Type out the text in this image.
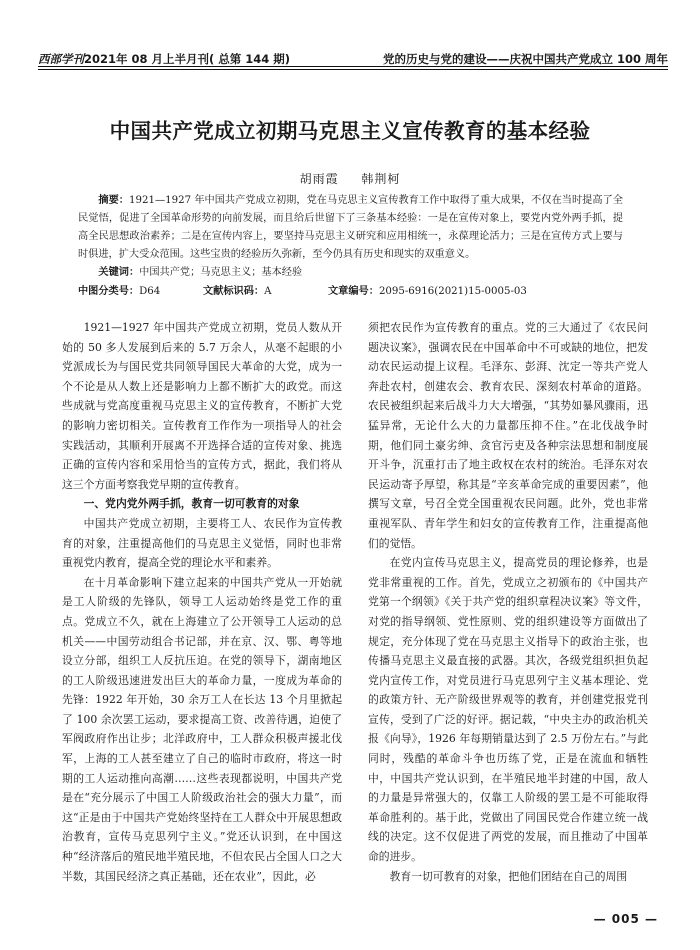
西部学刊2021年 08 月上半月刊( 总第 144 期)	党的历史与党的建设——庆祝中国共产党成立 100 周年
中国共产党成立初期马克思主义宣传教育的基本经验
胡雨霞 韩荆柯

摘要：1921—1927 年中国共产党成立初期，党在马克思主义宣传教育工作中取得了重大成果，不仅在当时提高了全民觉悟，促进了全国革命形势的向前发展，而且给后世留下了三条基本经验：一是在宣传对象上，要党内党外两手抓，提高全民思想政治素养；二是在宣传内容上，要坚持马克思主义研究和应用相统一，永葆理论活力；三是在宣传方式上要与时俱进，扩大受众范围。这些宝贵的经验历久弥新，至今仍具有历史和现实的双重意义。

关键词：中国共产党；马克思主义；基本经验

中图分类号：D64	文献标识码：A	文章编号：2095-6916(2021)15-0005-03

1921—1927 年中国共产党成立初期，党员人数从开始的 50 多人发展到后来的 5.7 万余人，从毫不起眼的小党派成长为与国民党共同领导国民大革命的大党，成为一个不论是从人数上还是影响力上都不断扩大的政党。而这些成就与党高度重视马克思主义的宣传教育，不断扩大党的影响力密切相关。宣传教育工作作为一项指导人的社会实践活动，其顺利开展离不开选择合适的宣传对象、挑选正确的宣传内容和采用恰当的宣传方式，据此，我们将从这三个方面考察我党早期的宣传教育。

一、党内党外两手抓，教育一切可教育的对象

中国共产党成立初期，主要将工人、农民作为宣传教育的对象，注重提高他们的马克思主义觉悟，同时也非常重视党内教育，提高全党的理论水平和素养。

在十月革命影响下建立起来的中国共产党从一开始就是工人阶级的先锋队，领导工人运动始终是党工作的重点。党成立不久，就在上海建立了公开领导工人运动的总机关——中国劳动组合书记部，并在京、汉、鄂、粤等地设立分部，组织工人反抗压迫。在党的领导下，湖南地区的工人阶级迅速进发出巨大的革命力量，一度成为革命的先锋：1922 年开始，30 余万工人在长达 13 个月里掀起了 100 余次罢工运动，要求提高工资、改善待遇，迫使了军阀政府作出让步；北洋政府中，工人群众积极声援北伐军，上海的工人甚至建立了自己的临时市政府，将这一时期的工人运动推向高潮……这些表现都说明，中国共产党是在“充分展示了中国工人阶级政治社会的强大力量”，而这“正是由于中国共产党始终坚持在工人群众中开展思想政治教育，宣传马克思列宁主义。”党还认识到，在中国这种“经济落后的殖民地半殖民地，不但农民占全国人口之大半数，其国民经济之真正基础，还在农业”，因此，必

须把农民作为宣传教育的重点。党的三大通过了《农民问题决议案》，强调农民在中国革命中不可或缺的地位，把发动农民运动提上议程。毛泽东、彭湃、沈定一等共产党人奔赴农村，创建农会、教育农民、深刻农村革命的道路。农民被组织起来后战斗力大大增强，“其势如暴风骤雨，迅猛异常，无论什么大的力量都压抑不住。”在北伐战争时期，他们同土豪劣绅、贪官污吏及各种宗法思想和制度展开斗争，沉重打击了地主政权在农村的统治。毛泽东对农民运动寄予厚望，称其是“辛亥革命完成的重要因素”，他撰写文章，号召全党全国重视农民问题。此外，党也非常重视军队、青年学生和妇女的宣传教育工作，注重提高他们的觉悟。

在党内宣传马克思主义，提高党员的理论修养，也是党非常重视的工作。首先，党成立之初颁布的《中国共产党第一个纲领》《关于共产党的组织章程决议案》等文件，对党的指导纲领、党性原则、党的组织建设等方面做出了规定，充分体现了党在马克思主义指导下的政治主张，也传播马克思主义最直接的武器。其次，各级党组织担负起党内宣传工作，对党员进行马克思列宁主义基本理论、党的政策方针、无产阶级世界观等的教育，并创建党报党刊宣传，受到了广泛的好评。据记载，“中央主办的政治机关报《向导》，1926 年每期销量达到了 2.5 万份左右。”与此同时，残酷的革命斗争也历练了党，正是在流血和牺牲中，中国共产党认识到，在半殖民地半封建的中国，敌人的力量是异常强大的，仅靠工人阶级的罢工是不可能取得革命胜利的。基于此，党做出了同国民党合作建立统一战线的决定。这不仅促进了两党的发展，而且推动了中国革命的进步。

教育一切可教育的对象，把他们团结在自己的周围

— 005 —
